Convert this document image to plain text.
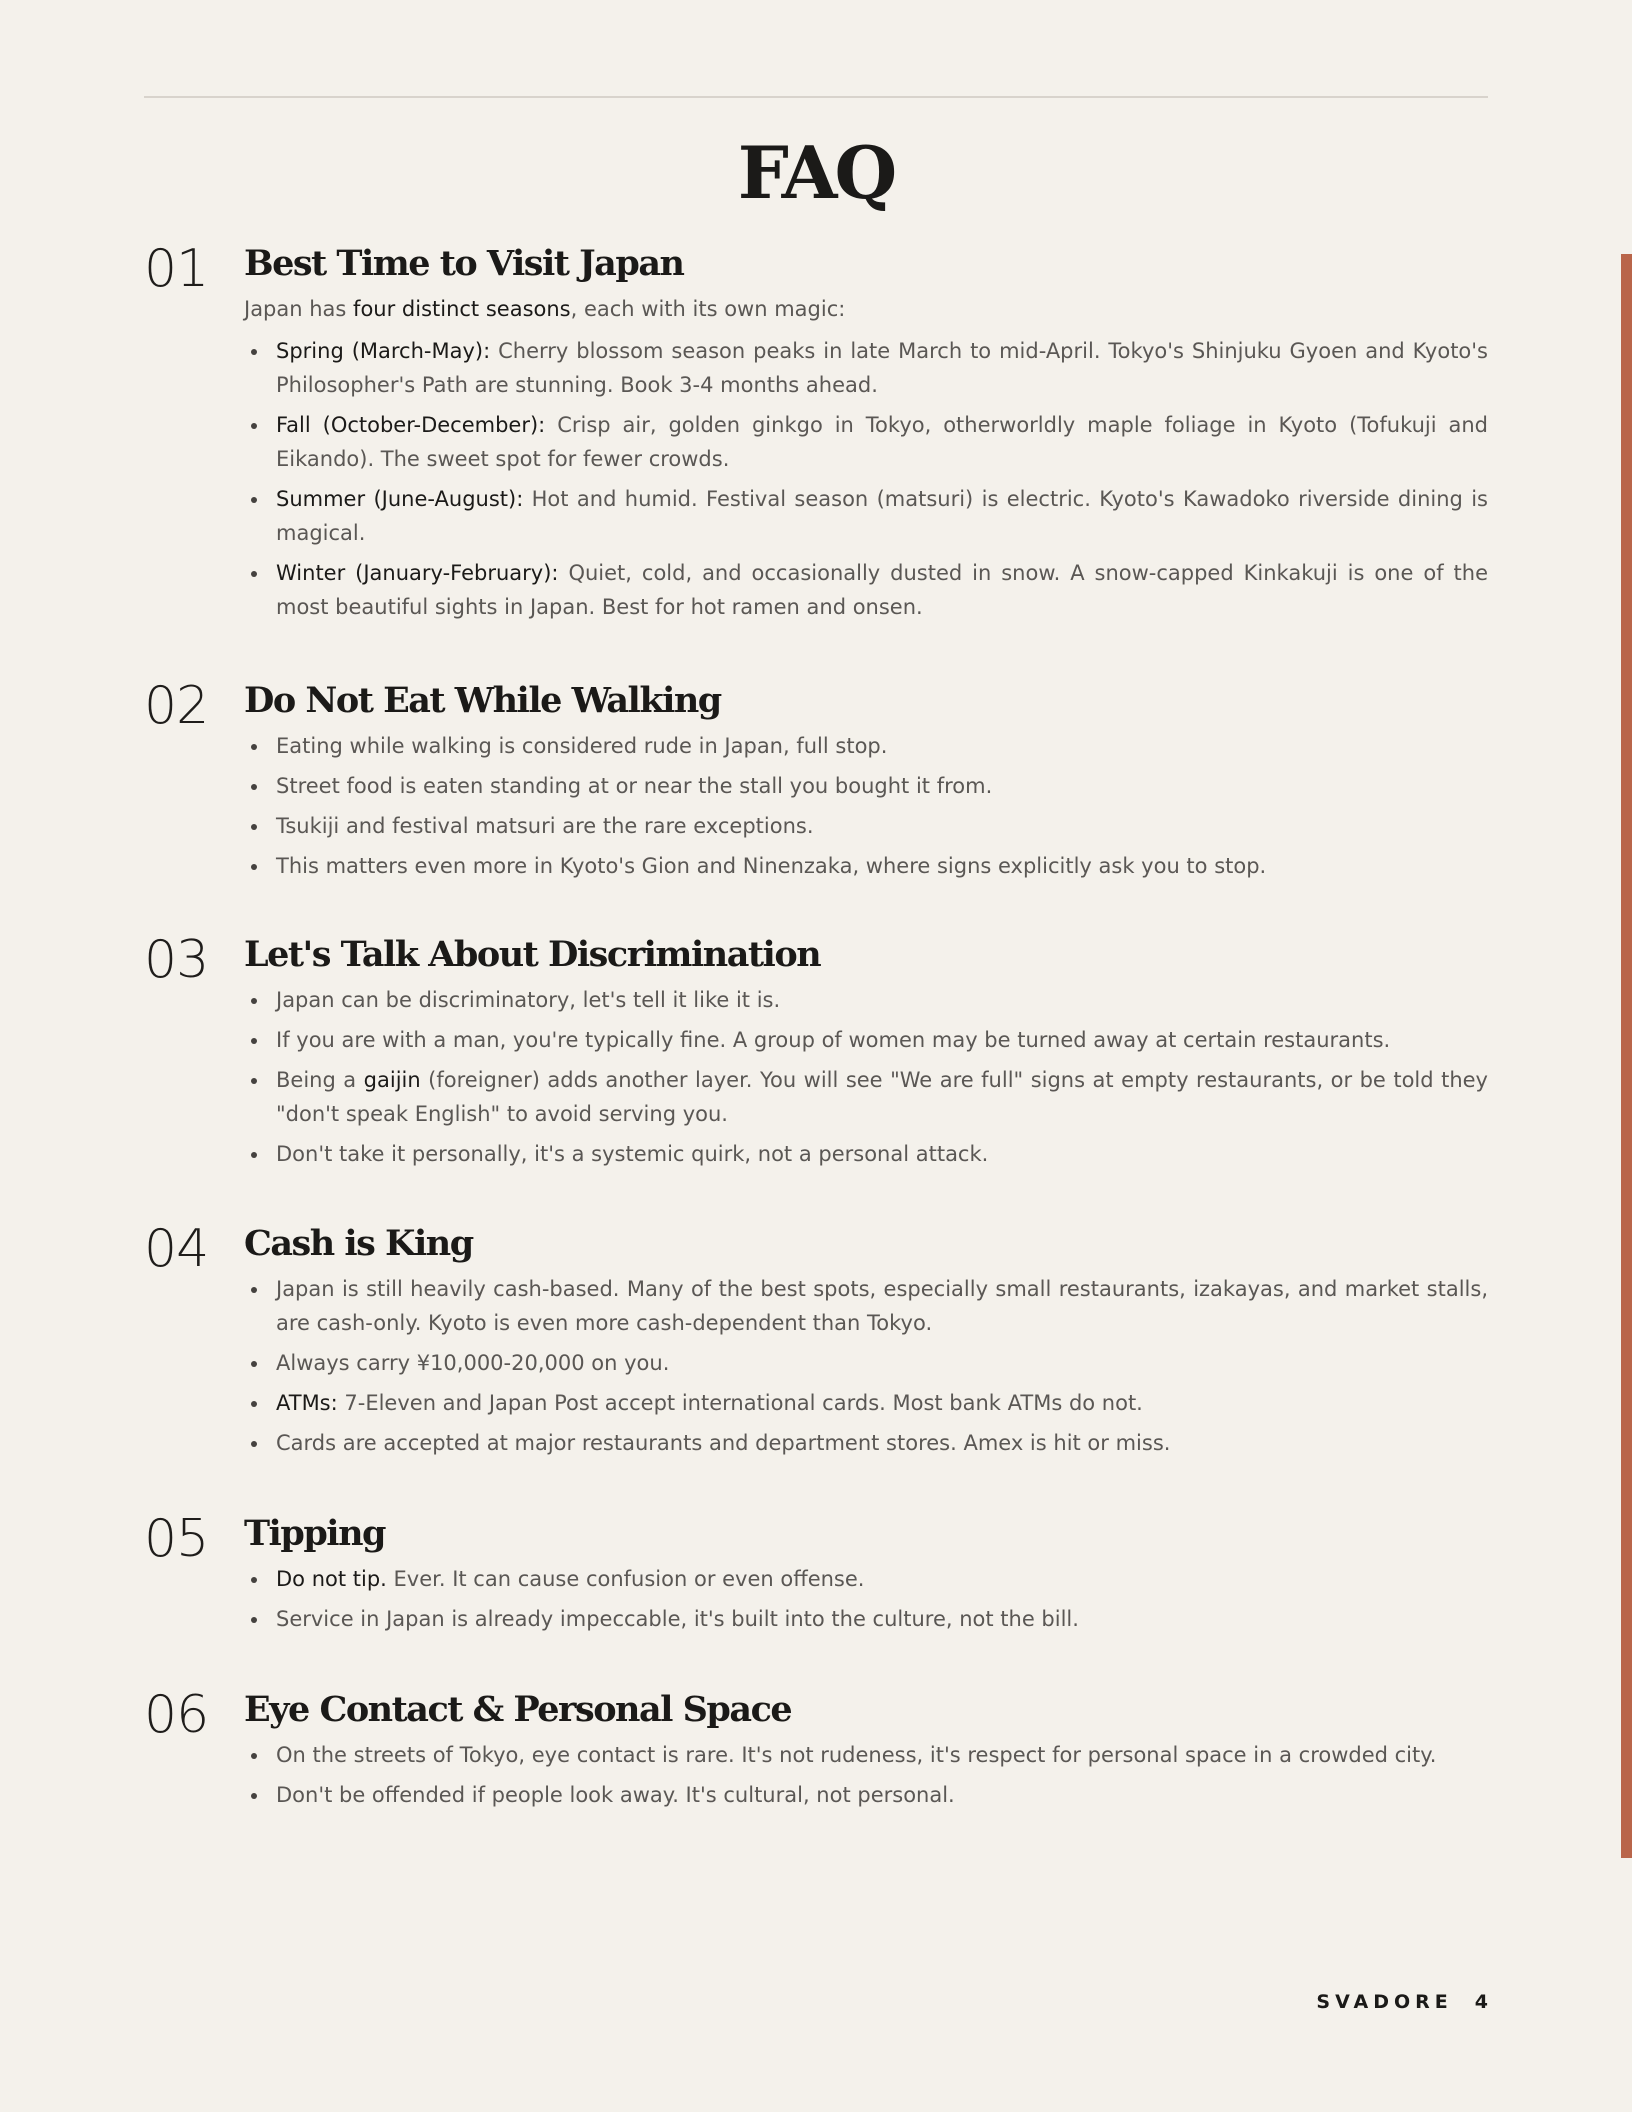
FAQ
01 Best Time to Visit Japan

Japan has four distinct seasons, each with its own magic:

Spring (March-May): Cherry blossom season peaks in late March to mid-April. Tokyo's Shinjuku Gyoen and Kyoto's Philosopher's Path are stunning. Book 3-4 months ahead.
Fall (October-December): Crisp air, golden ginkgo in Tokyo, otherworldly maple foliage in Kyoto (Tofukuji and Eikando). The sweet spot for fewer crowds.
Summer (June-August): Hot and humid. Festival season (matsuri) is electric. Kyoto's Kawadoko riverside dining is magical.
Winter (January-February): Quiet, cold, and occasionally dusted in snow. A snow-capped Kinkakuji is one of the most beautiful sights in Japan. Best for hot ramen and onsen.
02 Do Not Eat While Walking
Eating while walking is considered rude in Japan, full stop.
Street food is eaten standing at or near the stall you bought it from.
Tsukiji and festival matsuri are the rare exceptions.
This matters even more in Kyoto's Gion and Ninenzaka, where signs explicitly ask you to stop.
03 Let's Talk About Discrimination
Japan can be discriminatory, let's tell it like it is.
If you are with a man, you're typically fine. A group of women may be turned away at certain restaurants.
Being a gaijin (foreigner) adds another layer. You will see "We are full" signs at empty restaurants, or be told they "don't speak English" to avoid serving you.
Don't take it personally, it's a systemic quirk, not a personal attack.
04 Cash is King
Japan is still heavily cash-based. Many of the best spots, especially small restaurants, izakayas, and market stalls, are cash-only. Kyoto is even more cash-dependent than Tokyo.
Always carry ¥10,000-20,000 on you.
ATMs: 7-Eleven and Japan Post accept international cards. Most bank ATMs do not.
Cards are accepted at major restaurants and department stores. Amex is hit or miss.
05 Tipping
Do not tip. Ever. It can cause confusion or even offense.
Service in Japan is already impeccable, it's built into the culture, not the bill.
06 Eye Contact & Personal Space
On the streets of Tokyo, eye contact is rare. It's not rudeness, it's respect for personal space in a crowded city.
Don't be offended if people look away. It's cultural, not personal.
SVADORE 4
